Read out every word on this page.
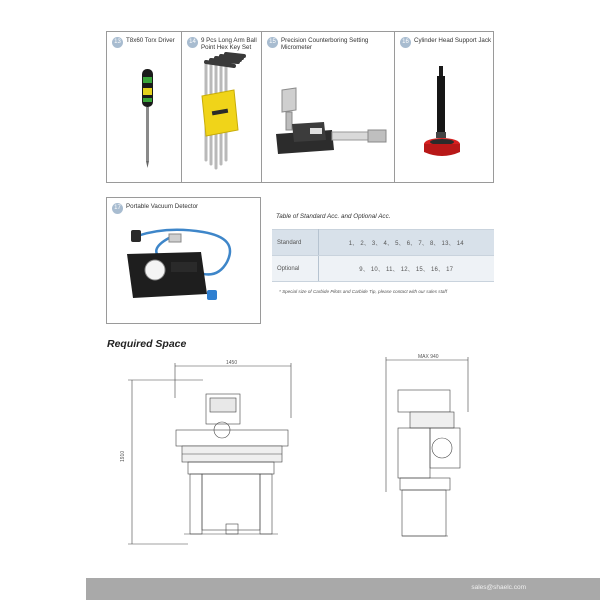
13 T8x60 Torx Driver	14 9 Pcs Long Arm Ball Point Hex Key Set
15 Precision Counterboring Setting Micrometer
16 Cylinder Head Support Jack
17 Portable Vacuum Detector
Table of Standard Acc. and Optional Acc.
Standard	1、 2、 3、 4、 5、 6、 7、 8、 13、 14
Optional	9、 10、 11、 12、 15、 16、 17
* Special size of Carbide Pilots and Carbide Tip, please contact with our sales staff
Required Space
1450
1910
MAX 940
sales@shaelc.com
